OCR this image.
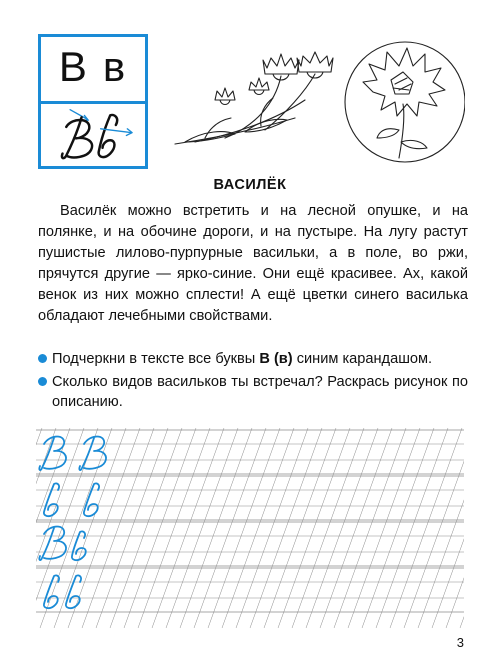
В в
ВАСИЛЁК

Василёк можно встретить и на лесной опушке, и на полянке, и на обочине дороги, и на пустыре. На лугу растут пушистые лилово-пурпурные васильки, а в поле, во ржи, прячутся другие — ярко-синие. Они ещё красивее. Ах, какой венок из них можно сплести! А ещё цветки синего василька обладают лечебными свойствами.

Подчеркни в тексте все буквы В (в) синим карандашом.
Сколько видов васильков ты встречал? Раскрась рисунок по описанию.
3
